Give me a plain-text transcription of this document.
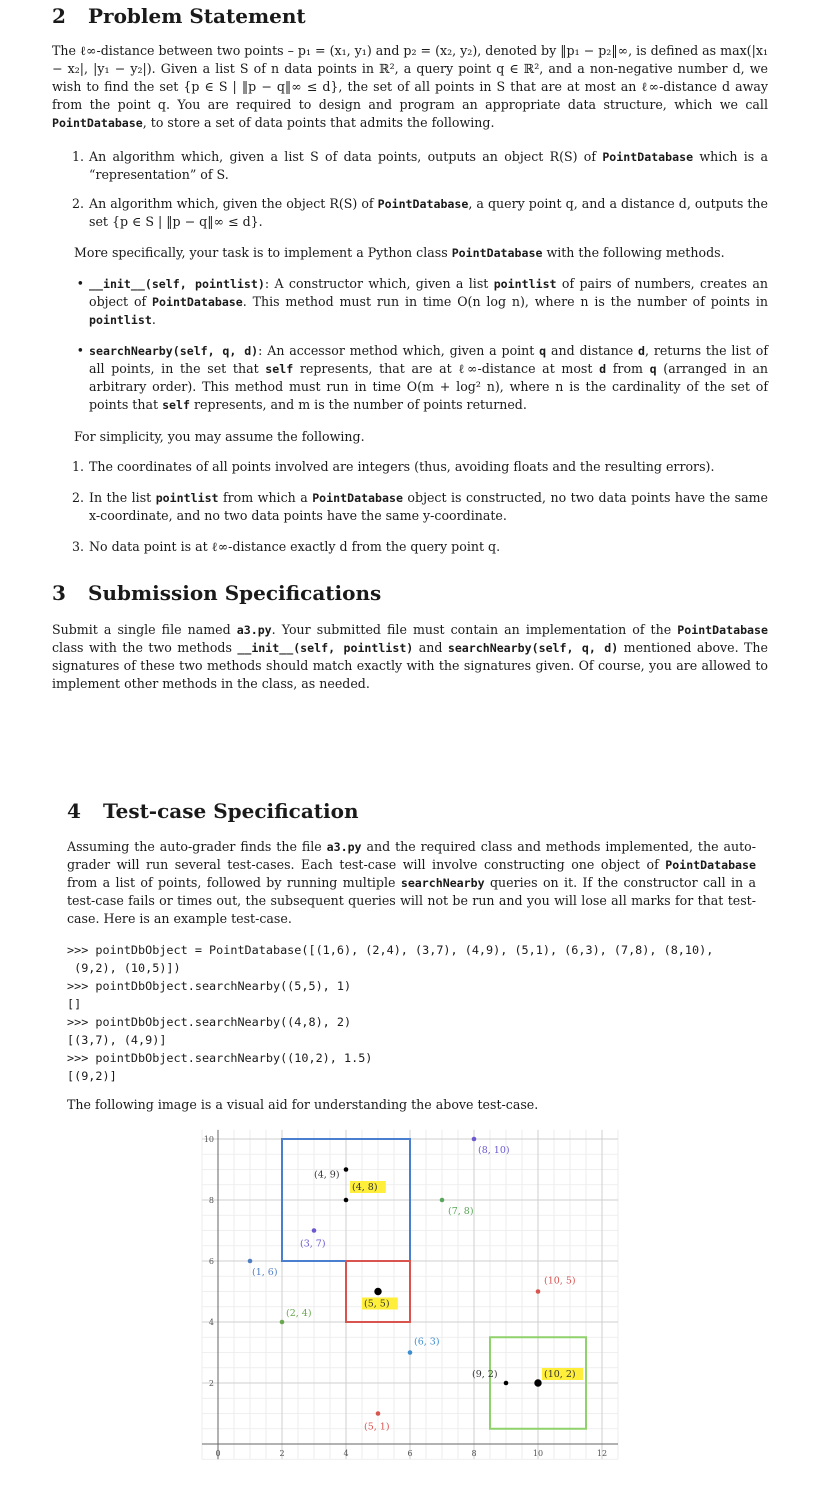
2 Problem Statement
The ℓ∞-distance between two points – p₁ = (x₁, y₁) and p₂ = (x₂, y₂), denoted by ‖p₁ − p₂‖∞, is defined as max(|x₁ − x₂|, |y₁ − y₂|). Given a list S of n data points in ℝ², a query point q ∈ ℝ², and a non-negative number d, we wish to find the set {p ∈ S | ‖p − q‖∞ ≤ d}, the set of all points in S that are at most an ℓ∞-distance d away from the point q. You are required to design and program an appropriate data structure, which we call PointDatabase, to store a set of data points that admits the following.
1. An algorithm which, given a list S of data points, outputs an object R(S) of PointDatabase which is a “representation” of S.
2. An algorithm which, given the object R(S) of PointDatabase, a query point q, and a distance d, outputs the set {p ∈ S | ‖p − q‖∞ ≤ d}.
More specifically, your task is to implement a Python class PointDatabase with the following methods.
• __init__(self, pointlist): A constructor which, given a list pointlist of pairs of numbers, creates an object of PointDatabase. This method must run in time O(n log n), where n is the number of points in pointlist.
• searchNearby(self, q, d): An accessor method which, given a point q and distance d, returns the list of all points, in the set that self represents, that are at ℓ∞-distance at most d from q (arranged in an arbitrary order). This method must run in time O(m + log² n), where n is the cardinality of the set of points that self represents, and m is the number of points returned.
For simplicity, you may assume the following.
1. The coordinates of all points involved are integers (thus, avoiding floats and the resulting errors).
2. In the list pointlist from which a PointDatabase object is constructed, no two data points have the same x-coordinate, and no two data points have the same y-coordinate.
3. No data point is at ℓ∞-distance exactly d from the query point q.
3 Submission Specifications
Submit a single file named a3.py. Your submitted file must contain an implementation of the PointDatabase class with the two methods __init__(self, pointlist) and searchNearby(self, q, d) mentioned above. The signatures of these two methods should match exactly with the signatures given. Of course, you are allowed to implement other methods in the class, as needed.
4 Test-case Specification
Assuming the auto-grader finds the file a3.py and the required class and methods implemented, the auto-grader will run several test-cases. Each test-case will involve constructing one object of PointDatabase from a list of points, followed by running multiple searchNearby queries on it. If the constructor call in a test-case fails or times out, the subsequent queries will not be run and you will lose all marks for that test-case. Here is an example test-case.
>>> pointDbObject = PointDatabase([(1,6), (2,4), (3,7), (4,9), (5,1), (6,3), (7,8), (8,10),
(9,2), (10,5)])
>>> pointDbObject.searchNearby((5,5), 1)
[]
>>> pointDbObject.searchNearby((4,8), 2)
[(3,7), (4,9)]
>>> pointDbObject.searchNearby((10,2), 1.5)
[(9,2)]
The following image is a visual aid for understanding the above test-case.
0	2	4	6	8	10	12
2
4
6
8
10
(1, 6)
(2, 4)
(3, 7)
(4, 9)
(5, 1)
(6, 3)
(7, 8)
(8, 10)
(9, 2)
(10, 5)
(4, 8)
(5, 5)
(10, 2)
